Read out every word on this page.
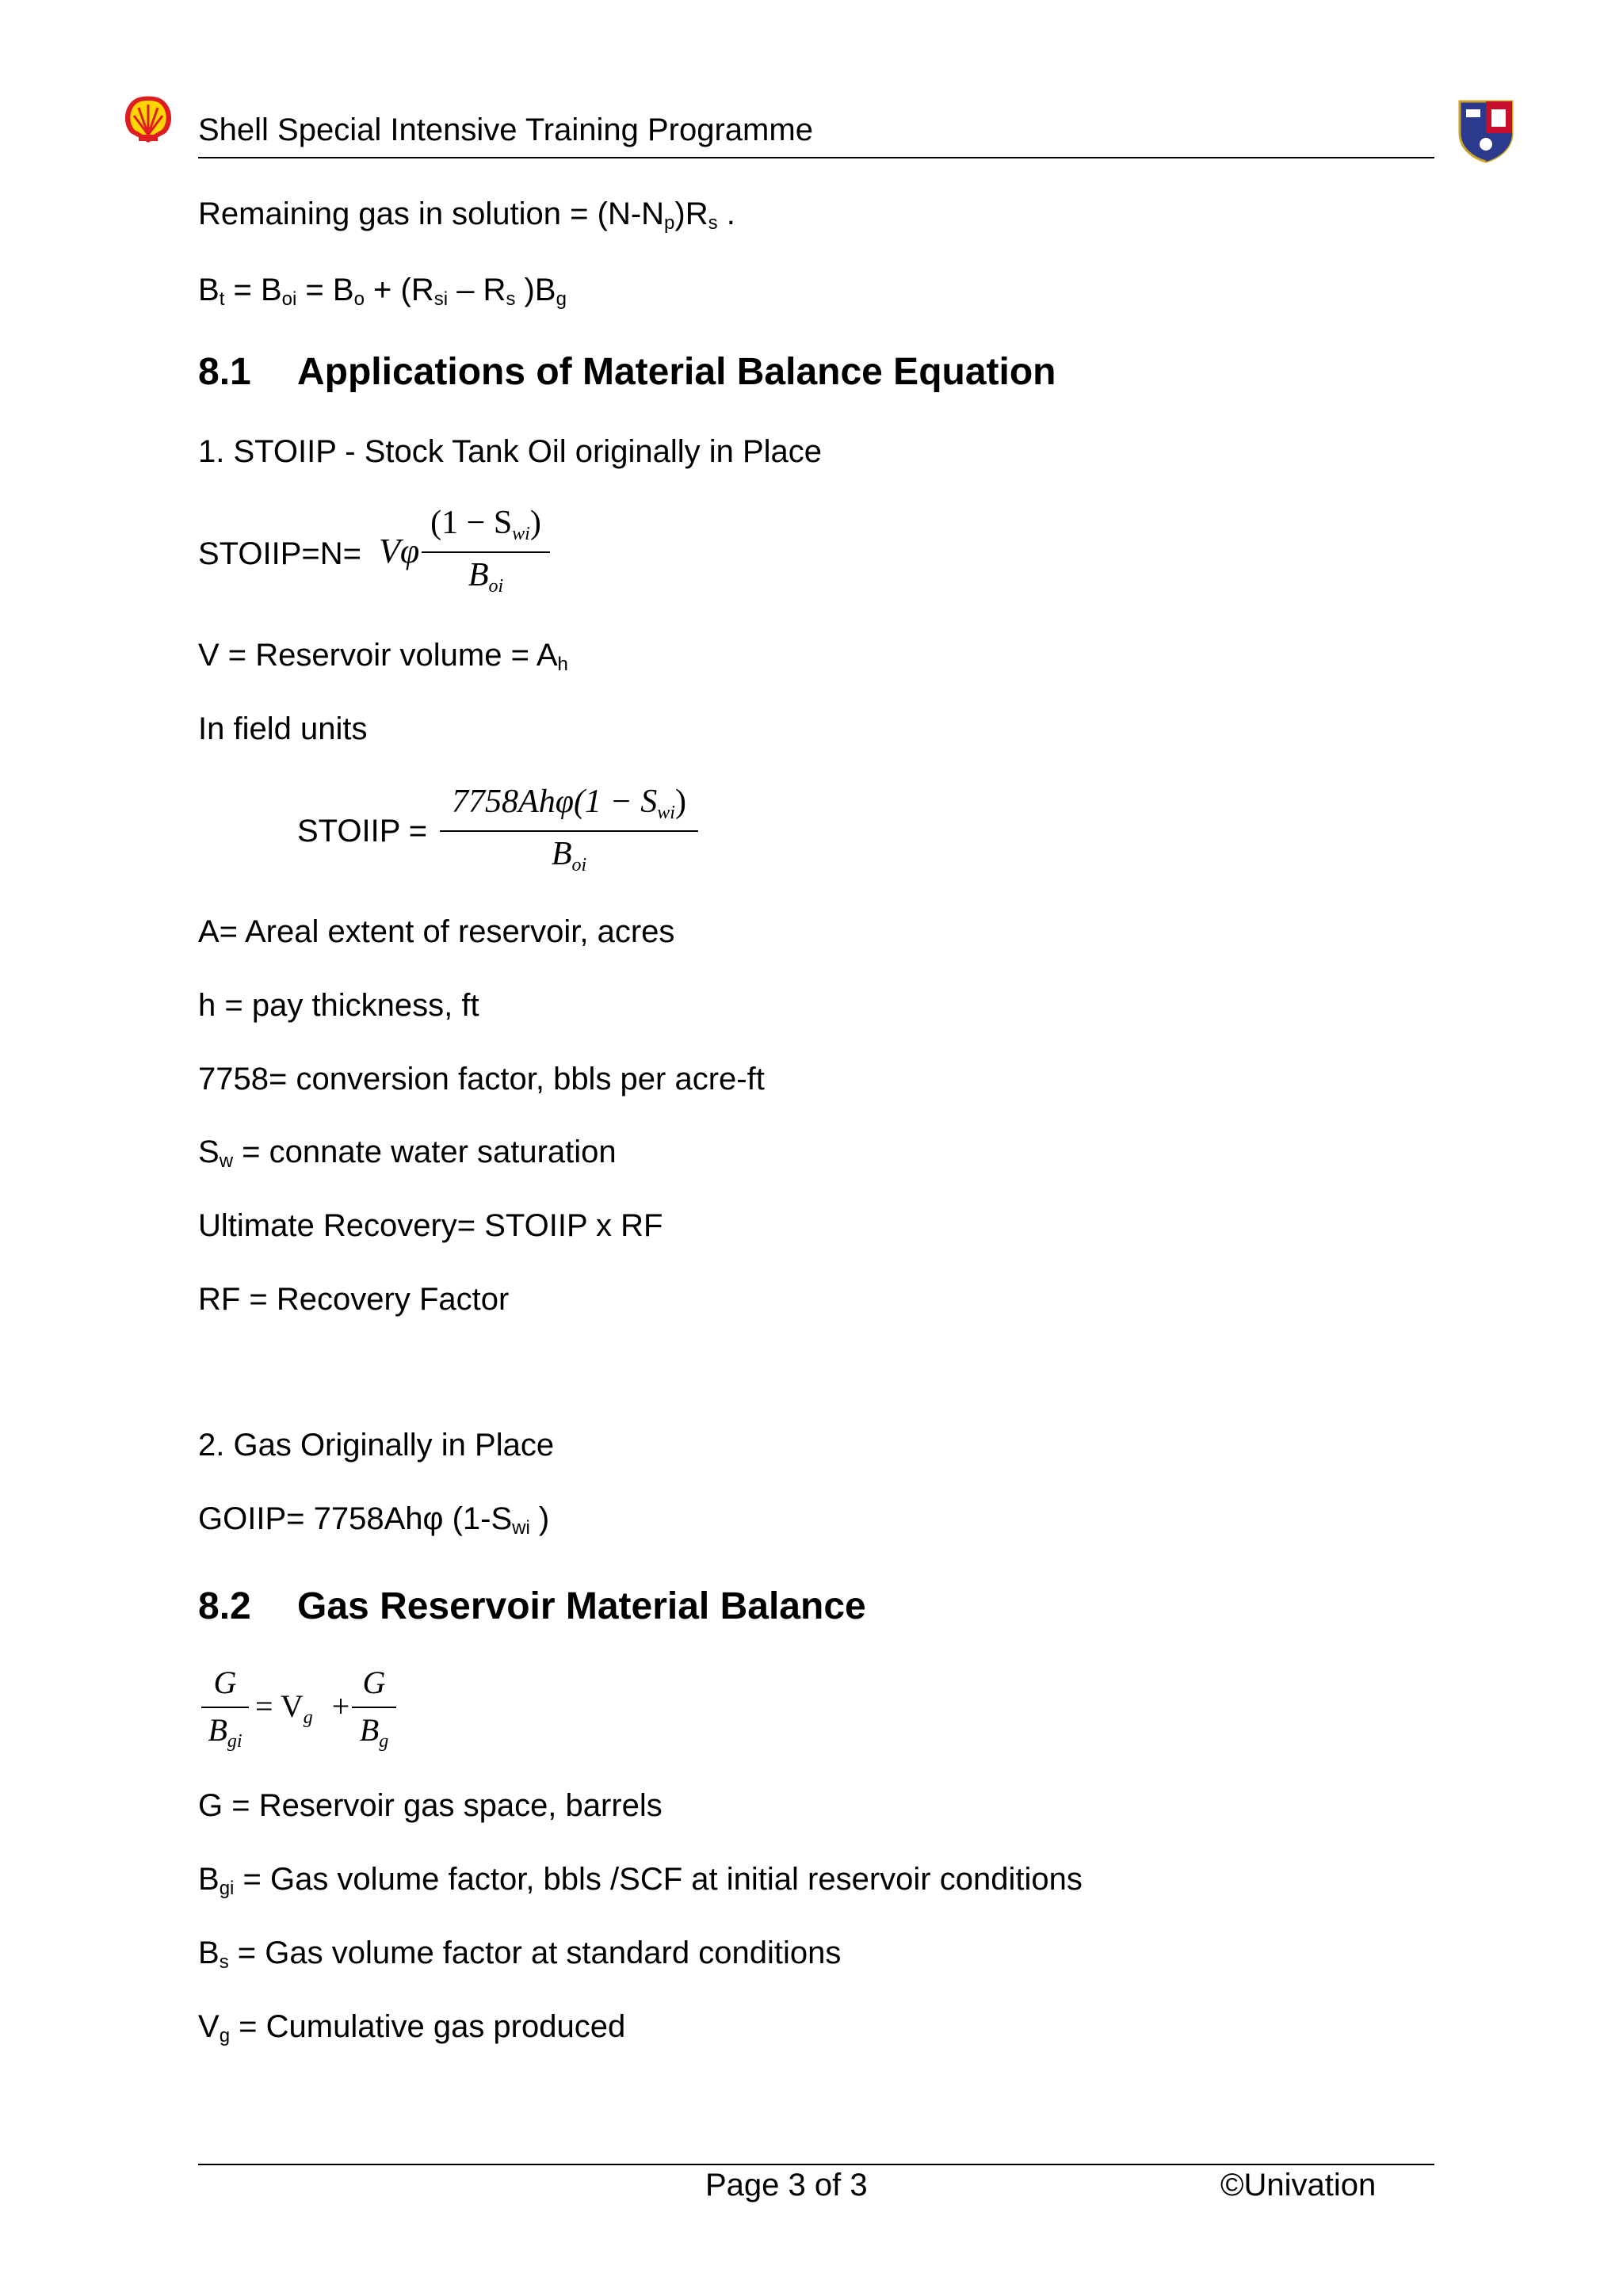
Shell Special Intensive Training Programme
Remaining gas in solution = $(N-N_p)R_s$ .
$B_t = B_{oi} = B_o + (R_{si} - R_s$ )$B_g$
8.1 Applications of Material Balance Equation
1. STOIIP - Stock Tank Oil originally in Place
STOIIP=N= Vφ
(1 − Swi)
Boi
V = Reservoir volume = $A_h$
In field units
STOIIP =
7758Ahφ(1 − Swi)
Boi
A= Areal extent of reservoir, acres
h = pay thickness, ft
7758= conversion factor, bbls per acre-ft
$S_w$ = connate water saturation
Ultimate Recovery= STOIIP x RF
RF = Recovery Factor
2. Gas Originally in Place
GOIIP= 7758Ahφ ($1-S_{wi}$ )
8.2 Gas Reservoir Material Balance
G
$B_{gi}$
= $V_g$ +
G
$B_g$
G = Reservoir gas space, barrels
$B_{gi}$ = Gas volume factor, bbls /SCF at initial reservoir conditions
$B_s$ = Gas volume factor at standard conditions
$V_g$ = Cumulative gas produced
Page 3 of 3	©Univation
